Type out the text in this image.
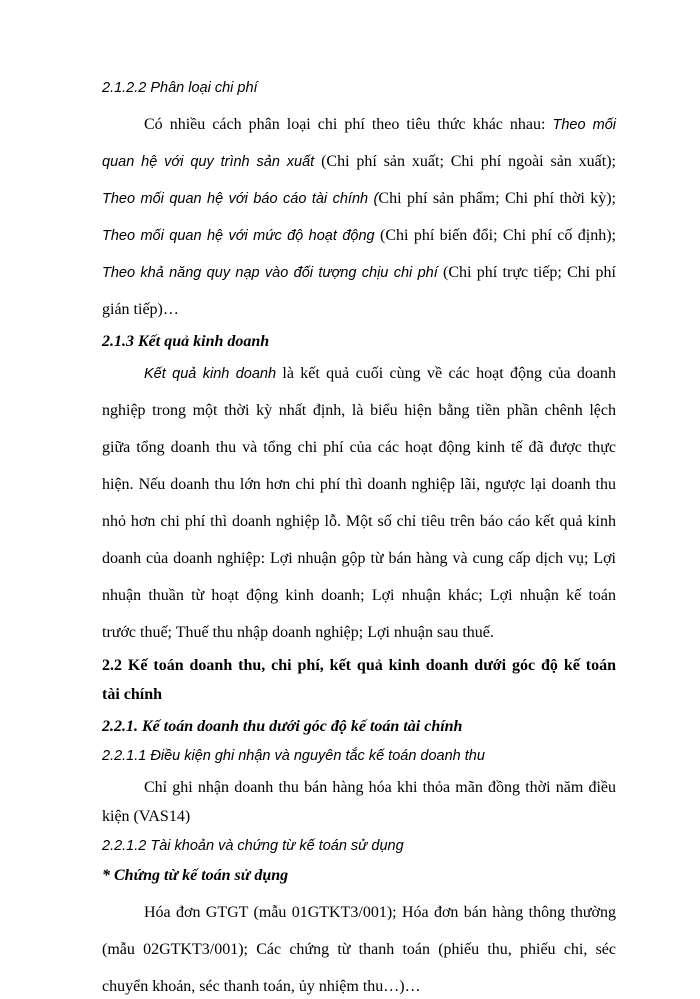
2.1.2.2 Phân loại chi phí
Có nhiều cách phân loại chi phí theo tiêu thức khác nhau: Theo mối
quan hệ với quy trình sản xuất (Chi phí sản xuất; Chi phí ngoài sản xuất);
Theo mối quan hệ với báo cáo tài chính (Chi phí sản phẩm; Chi phí thời kỳ);
Theo mối quan hệ với mức độ hoạt động (Chi phí biến đổi; Chi phí cố định);
Theo khả năng quy nạp vào đối tượng chịu chi phí (Chi phí trực tiếp; Chi phí
gián tiếp)…
2.1.3 Kết quả kinh doanh
Kết quả kinh doanh là kết quả cuối cùng về các hoạt động của doanh
nghiệp trong một thời kỳ nhất định, là biểu hiện bằng tiền phần chênh lệch
giữa tổng doanh thu và tổng chi phí của các hoạt động kinh tế đã được thực
hiện. Nếu doanh thu lớn hơn chi phí thì doanh nghiệp lãi, ngược lại doanh thu
nhỏ hơn chi phí thì doanh nghiệp lỗ. Một số chỉ tiêu trên báo cáo kết quả kinh
doanh của doanh nghiệp: Lợi nhuận gộp từ bán hàng và cung cấp dịch vụ; Lợi
nhuận thuần từ hoạt động kinh doanh; Lợi nhuận khác; Lợi nhuận kế toán
trước thuế; Thuế thu nhập doanh nghiệp; Lợi nhuận sau thuế.
2.2 Kế toán doanh thu, chi phí, kết quả kinh doanh dưới góc độ kế toán
tài chính
2.2.1. Kế toán doanh thu dưới góc độ kế toán tài chính
2.2.1.1 Điều kiện ghi nhận và nguyên tắc kế toán doanh thu
Chỉ ghi nhận doanh thu bán hàng hóa khi thỏa mãn đồng thời năm điều
kiện (VAS14)
2.2.1.2 Tài khoản và chứng từ kế toán sử dụng
* Chứng từ kế toán sử dụng
Hóa đơn GTGT (mẫu 01GTKT3/001); Hóa đơn bán hàng thông thường
(mẫu 02GTKT3/001); Các chứng từ thanh toán (phiếu thu, phiếu chi, séc
chuyển khoản, séc thanh toán, ủy nhiệm thu…)…
